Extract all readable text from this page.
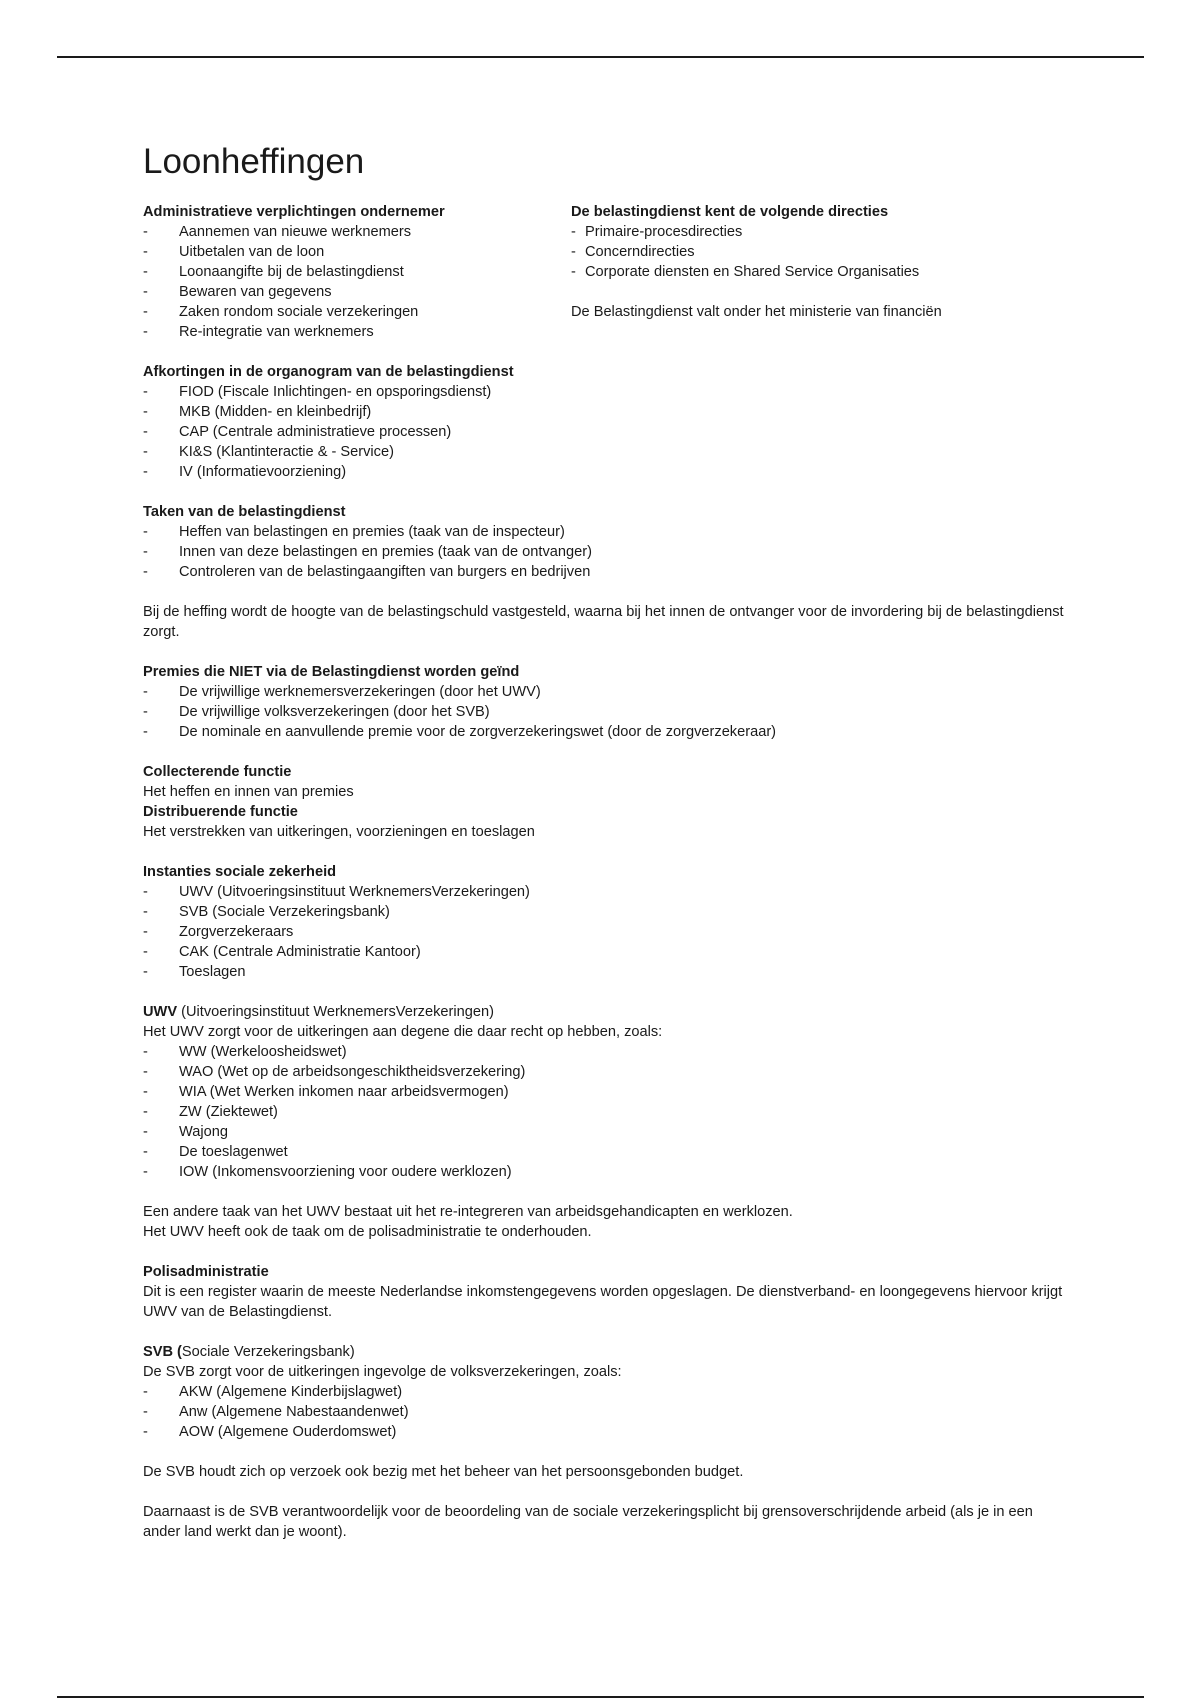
Loonheffingen
Administratieve verplichtingen ondernemer
- Aannemen van nieuwe werknemers
- Uitbetalen van de loon
- Loonaangifte bij de belastingdienst
- Bewaren van gegevens
- Zaken rondom sociale verzekeringen
- Re-integratie van werknemers
De belastingdienst kent de volgende directies
- Primaire-procesdirecties
- Concerndirecties
- Corporate diensten en Shared Service Organisaties

De Belastingdienst valt onder het ministerie van financiën

Afkortingen in de organogram van de belastingdienst
- FIOD (Fiscale Inlichtingen- en opsporingsdienst)
- MKB (Midden- en kleinbedrijf)
- CAP (Centrale administratieve processen)
- KI&S (Klantinteractie & - Service)
- IV (Informatievoorziening)
Taken van de belastingdienst
- Heffen van belastingen en premies (taak van de inspecteur)
- Innen van deze belastingen en premies (taak van de ontvanger)
- Controleren van de belastingaangiften van burgers en bedrijven

Bij de heffing wordt de hoogte van de belastingschuld vastgesteld, waarna bij het innen de ontvanger voor de invordering bij de belastingdienst zorgt.

Premies die NIET via de Belastingdienst worden geïnd
- De vrijwillige werknemersverzekeringen (door het UWV)
- De vrijwillige volksverzekeringen (door het SVB)
- De nominale en aanvullende premie voor de zorgverzekeringswet (door de zorgverzekeraar)
Collecterende functie

Het heffen en innen van premies

Distribuerende functie

Het verstrekken van uitkeringen, voorzieningen en toeslagen

Instanties sociale zekerheid
- UWV (Uitvoeringsinstituut WerknemersVerzekeringen)
- SVB (Sociale Verzekeringsbank)
- Zorgverzekeraars
- CAK (Centrale Administratie Kantoor)
- Toeslagen
UWV (Uitvoeringsinstituut WerknemersVerzekeringen)

Het UWV zorgt voor de uitkeringen aan degene die daar recht op hebben, zoals:

- WW (Werkeloosheidswet)
- WAO (Wet op de arbeidsongeschiktheidsverzekering)
- WIA (Wet Werken inkomen naar arbeidsvermogen)
- ZW (Ziektewet)
- Wajong
- De toeslagenwet
- IOW (Inkomensvoorziening voor oudere werklozen)

Een andere taak van het UWV bestaat uit het re-integreren van arbeidsgehandicapten en werklozen.

Het UWV heeft ook de taak om de polisadministratie te onderhouden.

Polisadministratie

Dit is een register waarin de meeste Nederlandse inkomstengegevens worden opgeslagen. De dienstverband- en loongegevens hiervoor krijgt UWV van de Belastingdienst.

SVB (Sociale Verzekeringsbank)

De SVB zorgt voor de uitkeringen ingevolge de volksverzekeringen, zoals:

- AKW (Algemene Kinderbijslagwet)
- Anw (Algemene Nabestaandenwet)
- AOW (Algemene Ouderdomswet)

De SVB houdt zich op verzoek ook bezig met het beheer van het persoonsgebonden budget.

Daarnaast is de SVB verantwoordelijk voor de beoordeling van de sociale verzekeringsplicht bij grensoverschrijdende arbeid (als je in een ander land werkt dan je woont).
